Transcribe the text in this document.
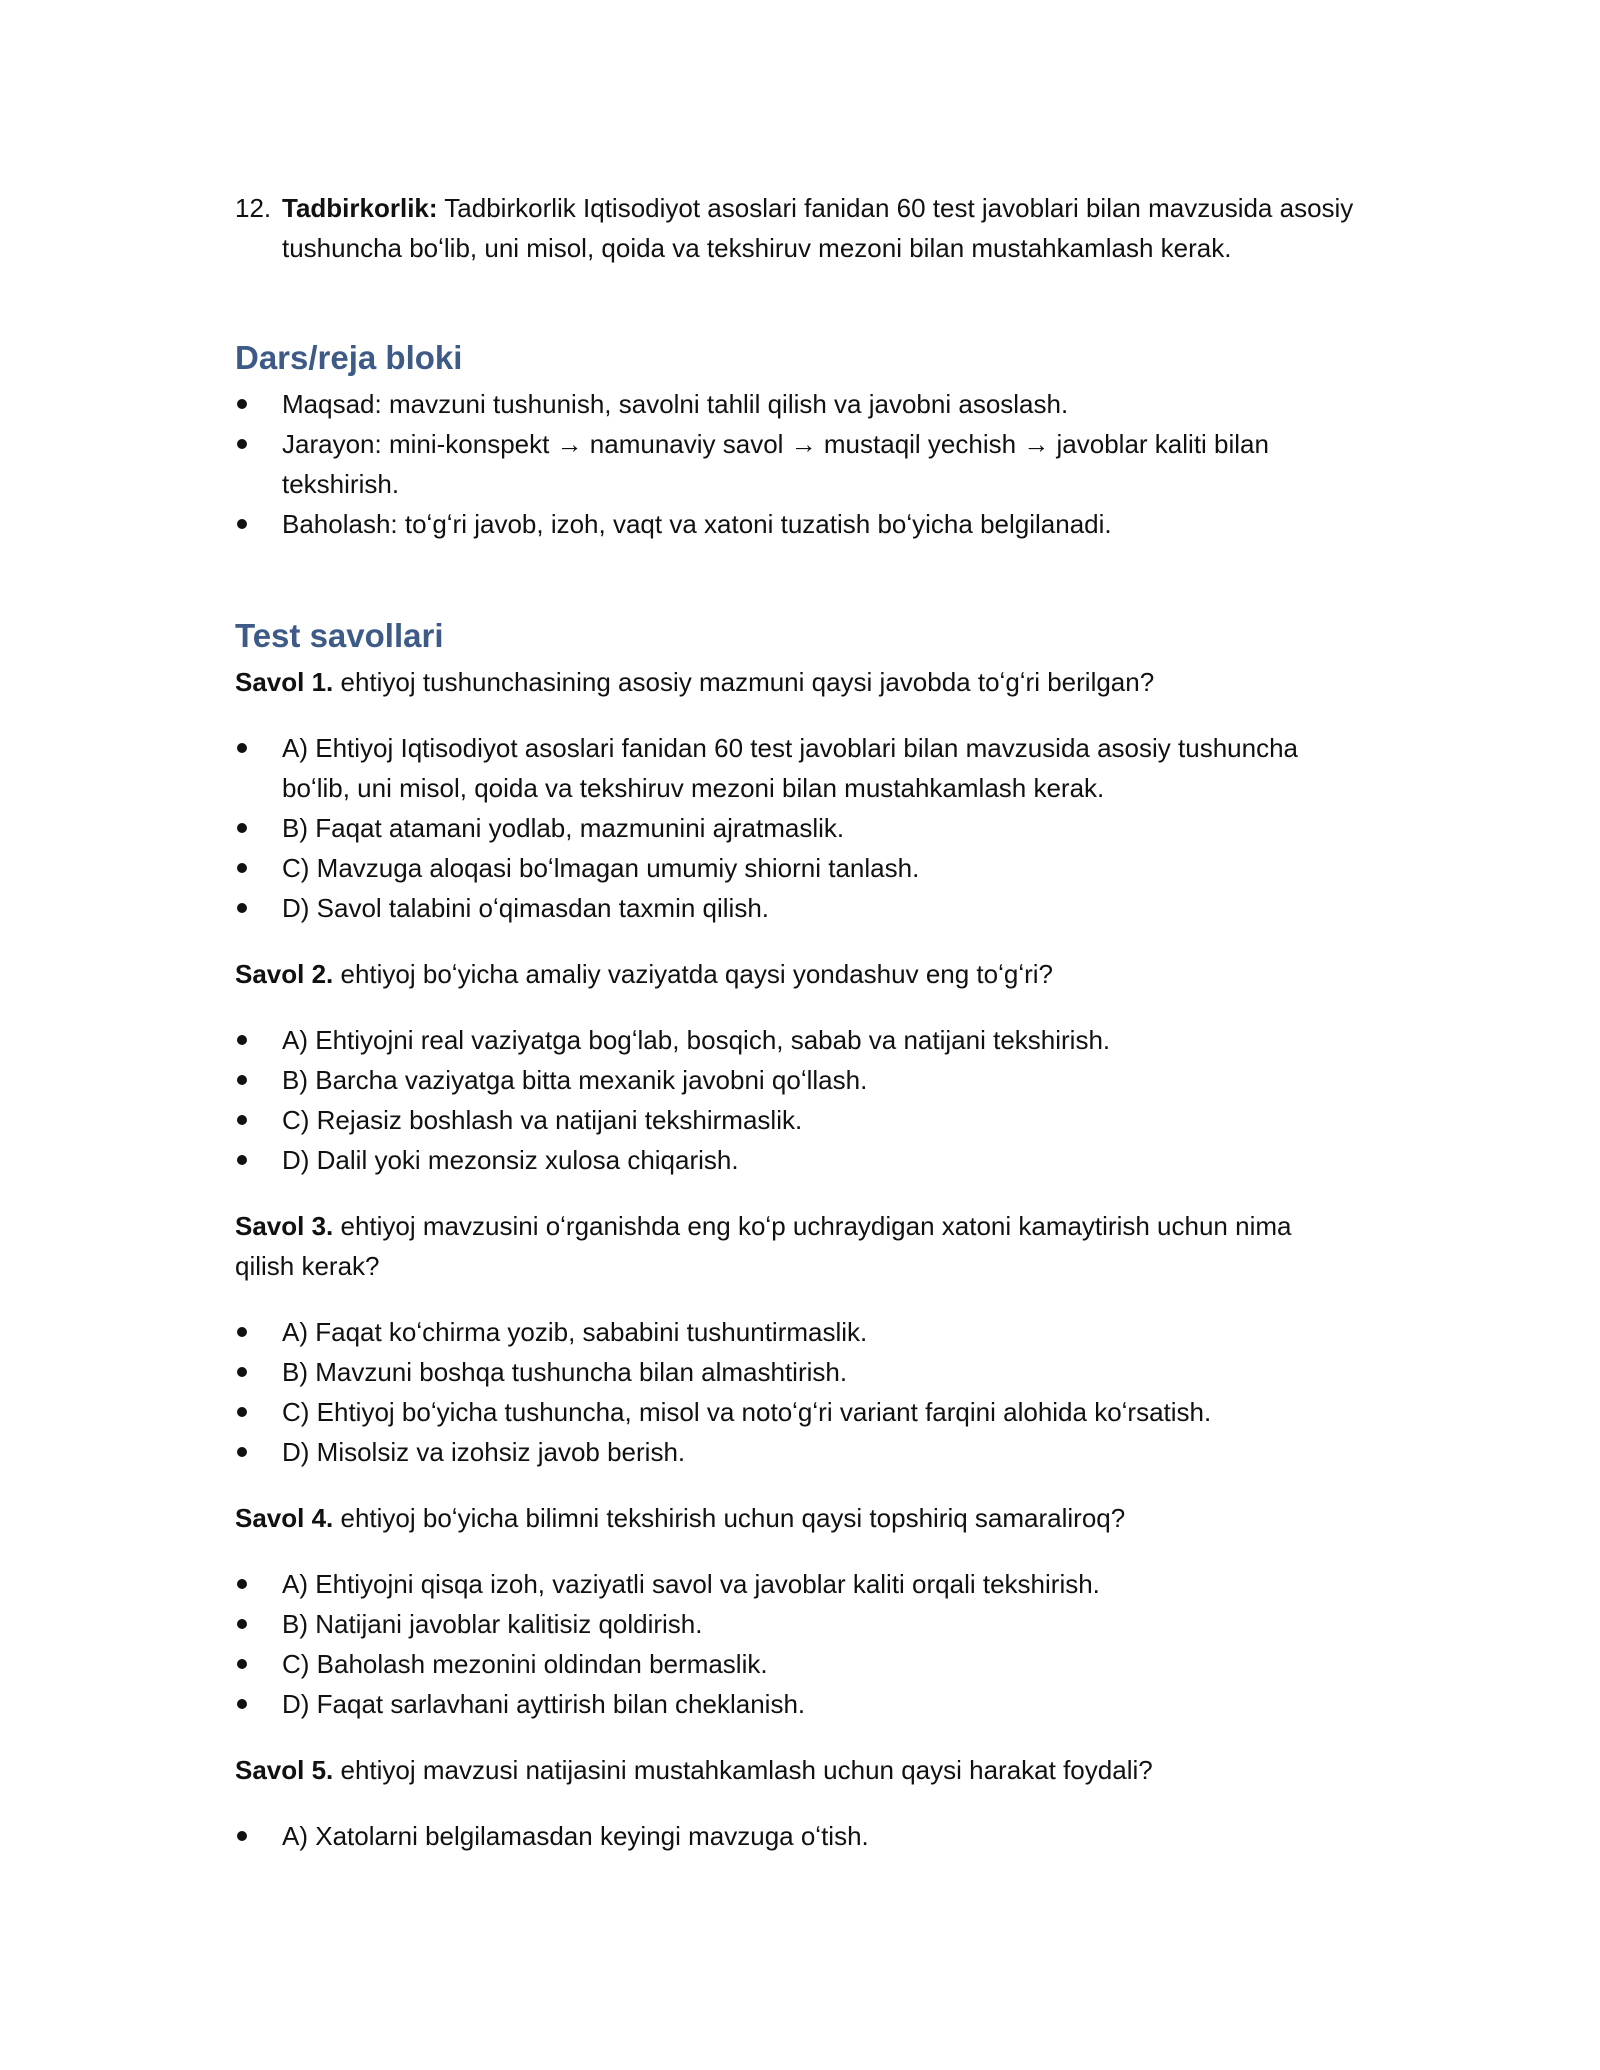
12. Tadbirkorlik: Tadbirkorlik Iqtisodiyot asoslari fanidan 60 test javoblari bilan mavzusida asosiy tushuncha boʻlib, uni misol, qoida va tekshiruv mezoni bilan mustahkamlash kerak.
Dars/reja bloki
Maqsad: mavzuni tushunish, savolni tahlil qilish va javobni asoslash.
Jarayon: mini-konspekt → namunaviy savol → mustaqil yechish → javoblar kaliti bilan tekshirish.
Baholash: toʻgʻri javob, izoh, vaqt va xatoni tuzatish boʻyicha belgilanadi.
Test savollari

Savol 1. ehtiyoj tushunchasining asosiy mazmuni qaysi javobda toʻgʻri berilgan?

A) Ehtiyoj Iqtisodiyot asoslari fanidan 60 test javoblari bilan mavzusida asosiy tushuncha boʻlib, uni misol, qoida va tekshiruv mezoni bilan mustahkamlash kerak.
B) Faqat atamani yodlab, mazmunini ajratmaslik.
C) Mavzuga aloqasi boʻlmagan umumiy shiorni tanlash.
D) Savol talabini oʻqimasdan taxmin qilish.

Savol 2. ehtiyoj boʻyicha amaliy vaziyatda qaysi yondashuv eng toʻgʻri?

A) Ehtiyojni real vaziyatga bogʻlab, bosqich, sabab va natijani tekshirish.
B) Barcha vaziyatga bitta mexanik javobni qoʻllash.
C) Rejasiz boshlash va natijani tekshirmaslik.
D) Dalil yoki mezonsiz xulosa chiqarish.

Savol 3. ehtiyoj mavzusini oʻrganishda eng koʻp uchraydigan xatoni kamaytirish uchun nima qilish kerak?

A) Faqat koʻchirma yozib, sababini tushuntirmaslik.
B) Mavzuni boshqa tushuncha bilan almashtirish.
C) Ehtiyoj boʻyicha tushuncha, misol va notoʻgʻri variant farqini alohida koʻrsatish.
D) Misolsiz va izohsiz javob berish.

Savol 4. ehtiyoj boʻyicha bilimni tekshirish uchun qaysi topshiriq samaraliroq?

A) Ehtiyojni qisqa izoh, vaziyatli savol va javoblar kaliti orqali tekshirish.
B) Natijani javoblar kalitisiz qoldirish.
C) Baholash mezonini oldindan bermaslik.
D) Faqat sarlavhani ayttirish bilan cheklanish.

Savol 5. ehtiyoj mavzusi natijasini mustahkamlash uchun qaysi harakat foydali?

A) Xatolarni belgilamasdan keyingi mavzuga oʻtish.
